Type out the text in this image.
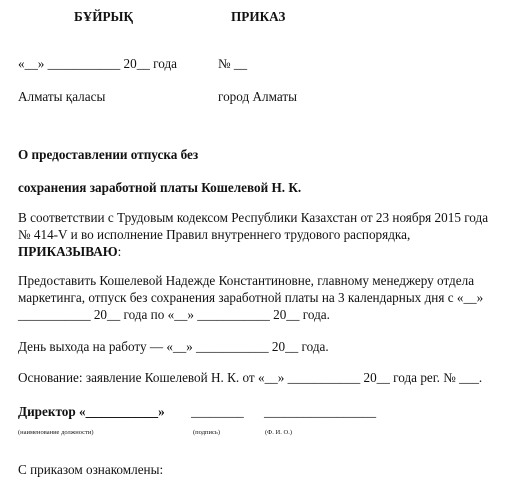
БҰЙРЫҚ	ПРИКАЗ
«__» ___________ 20__ года	№ __
Алматы қаласы	город Алматы
О предоставлении отпуска без
сохранения заработной платы Кошелевой Н. К.
В соответствии с Трудовым кодексом Республики Казахстан от 23 ноября 2015 года
№ 414-V и во исполнение Правил внутреннего трудового распорядка,
ПРИКАЗЫВАЮ:
Предоставить Кошелевой Надежде Константиновне, главному менеджеру отдела
маркетинга, отпуск без сохранения заработной платы на 3 календарных дня с «__»
___________ 20__ года по «__» ___________ 20__ года.
День выхода на работу — «__» ___________ 20__ года.
Основание: заявление Кошелевой Н. К. от «__» ___________ 20__ года рег. № ___.
Директор «___________» ________ _________________
(наименование должности)	(подпись)	(Ф. И. О.)
С приказом ознакомлены:
